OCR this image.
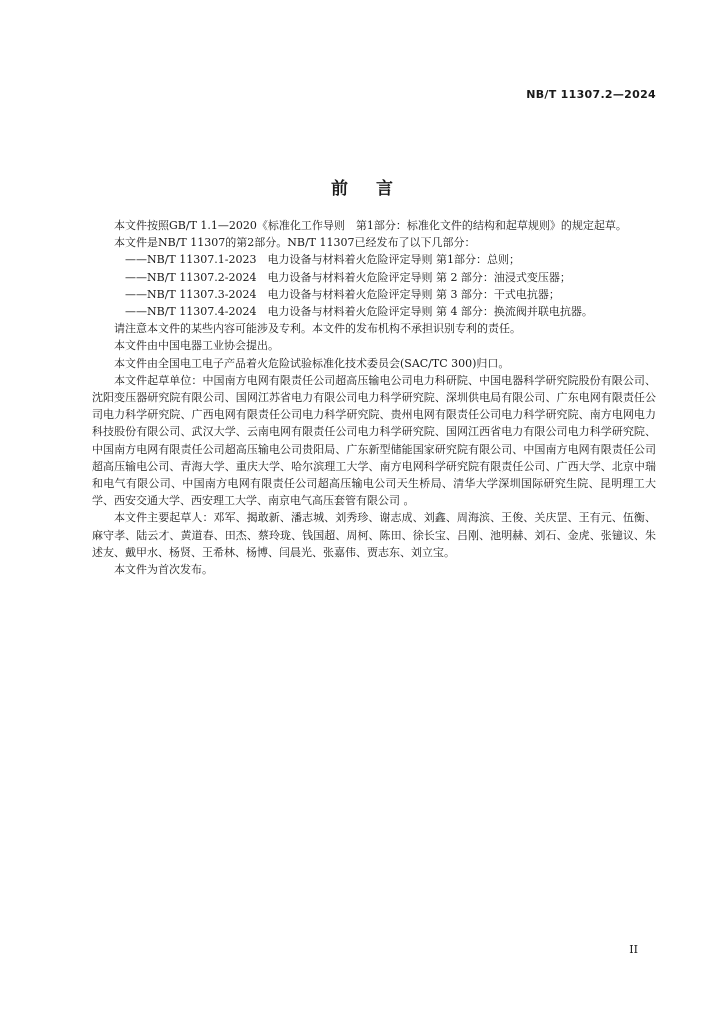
NB/T 11307.2—2024
前言

本文件按照GB/T 1.1—2020《标准化工作导则　第1部分：标准化文件的结构和起草规则》的规定起草。

本文件是NB/T 11307的第2部分。NB/T 11307已经发布了以下几部分：

——NB/T 11307.1-2023　电力设备与材料着火危险评定导则 第1部分：总则；

——NB/T 11307.2-2024　电力设备与材料着火危险评定导则 第 2 部分：油浸式变压器；

——NB/T 11307.3-2024　电力设备与材料着火危险评定导则 第 3 部分：干式电抗器；

——NB/T 11307.4-2024　电力设备与材料着火危险评定导则 第 4 部分：换流阀并联电抗器。

请注意本文件的某些内容可能涉及专利。本文件的发布机构不承担识别专利的责任。

本文件由中国电器工业协会提出。

本文件由全国电工电子产品着火危险试验标准化技术委员会(SAC/TC 300)归口。

本文件起草单位：中国南方电网有限责任公司超高压输电公司电力科研院、中国电器科学研究院股份有限公司、沈阳变压器研究院有限公司、国网江苏省电力有限公司电力科学研究院、深圳供电局有限公司、广东电网有限责任公司电力科学研究院、广西电网有限责任公司电力科学研究院、贵州电网有限责任公司电力科学研究院、南方电网电力科技股份有限公司、武汉大学、云南电网有限责任公司电力科学研究院、国网江西省电力有限公司电力科学研究院、中国南方电网有限责任公司超高压输电公司贵阳局、广东新型储能国家研究院有限公司、中国南方电网有限责任公司超高压输电公司、青海大学、重庆大学、哈尔滨理工大学、南方电网科学研究院有限责任公司、广西大学、北京中瑞和电气有限公司、中国南方电网有限责任公司超高压输电公司天生桥局、清华大学深圳国际研究生院、昆明理工大学、西安交通大学、西安理工大学、南京电气高压套管有限公司 。

本文件主要起草人：邓军、揭敢新、潘志城、刘秀珍、谢志成、刘鑫、周海滨、王俊、关庆罡、王有元、伍衡、麻守孝、陆云才、黄道春、田杰、蔡玲珑、钱国超、周柯、陈田、徐长宝、吕刚、池明赫、刘石、金虎、张镱议、朱述友、戴甲水、杨贤、王希林、杨博、闫晨光、张嘉伟、贾志东、刘立宝。

本文件为首次发布。

II
